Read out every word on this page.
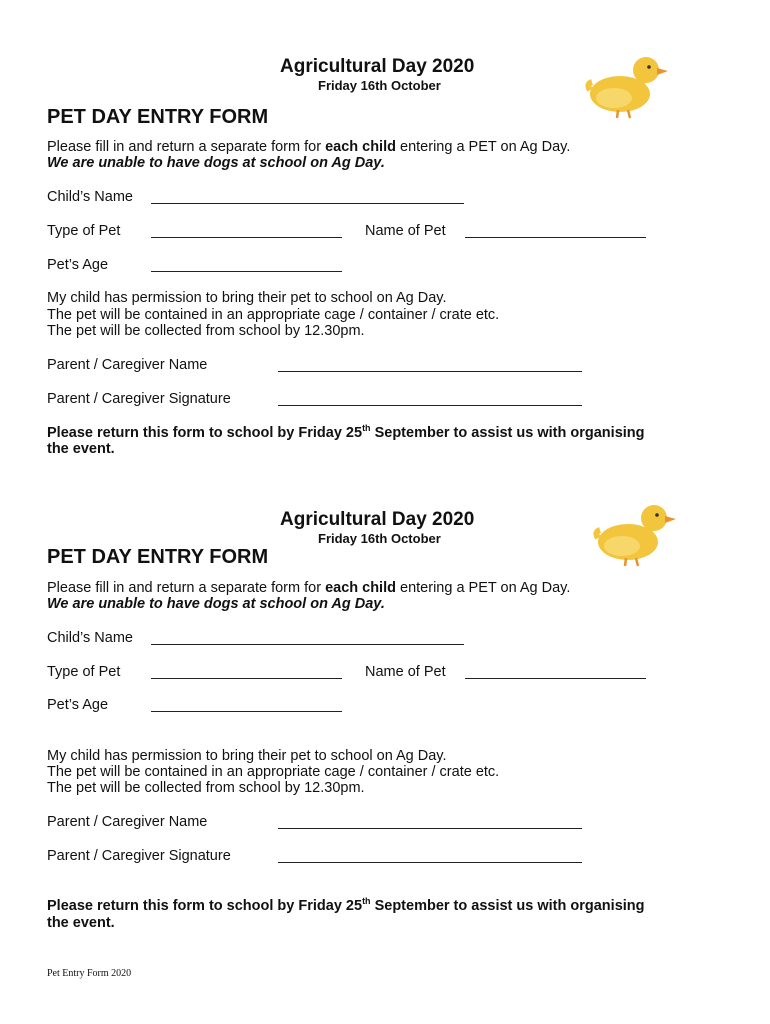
Agricultural Day 2020
Friday 16th October
PET DAY ENTRY FORM
Please fill in and return a separate form for each child entering a PET on Ag Day.
We are unable to have dogs at school on Ag Day.
Child’s Name
Type of Pet	Name of Pet
Pet’s Age
My child has permission to bring their pet to school on Ag Day.
The pet will be contained in an appropriate cage / container / crate etc.
The pet will be collected from school by 12.30pm.
Parent / Caregiver Name
Parent / Caregiver Signature
Please return this form to school by Friday 25th September to assist us with organising
the event.
Agricultural Day 2020
Friday 16th October
PET DAY ENTRY FORM
Please fill in and return a separate form for each child entering a PET on Ag Day.
We are unable to have dogs at school on Ag Day.
Child’s Name
Type of Pet	Name of Pet
Pet’s Age
My child has permission to bring their pet to school on Ag Day.
The pet will be contained in an appropriate cage / container / crate etc.
The pet will be collected from school by 12.30pm.
Parent / Caregiver Name
Parent / Caregiver Signature
Please return this form to school by Friday 25th September to assist us with organising
the event.
Pet Entry Form 2020
